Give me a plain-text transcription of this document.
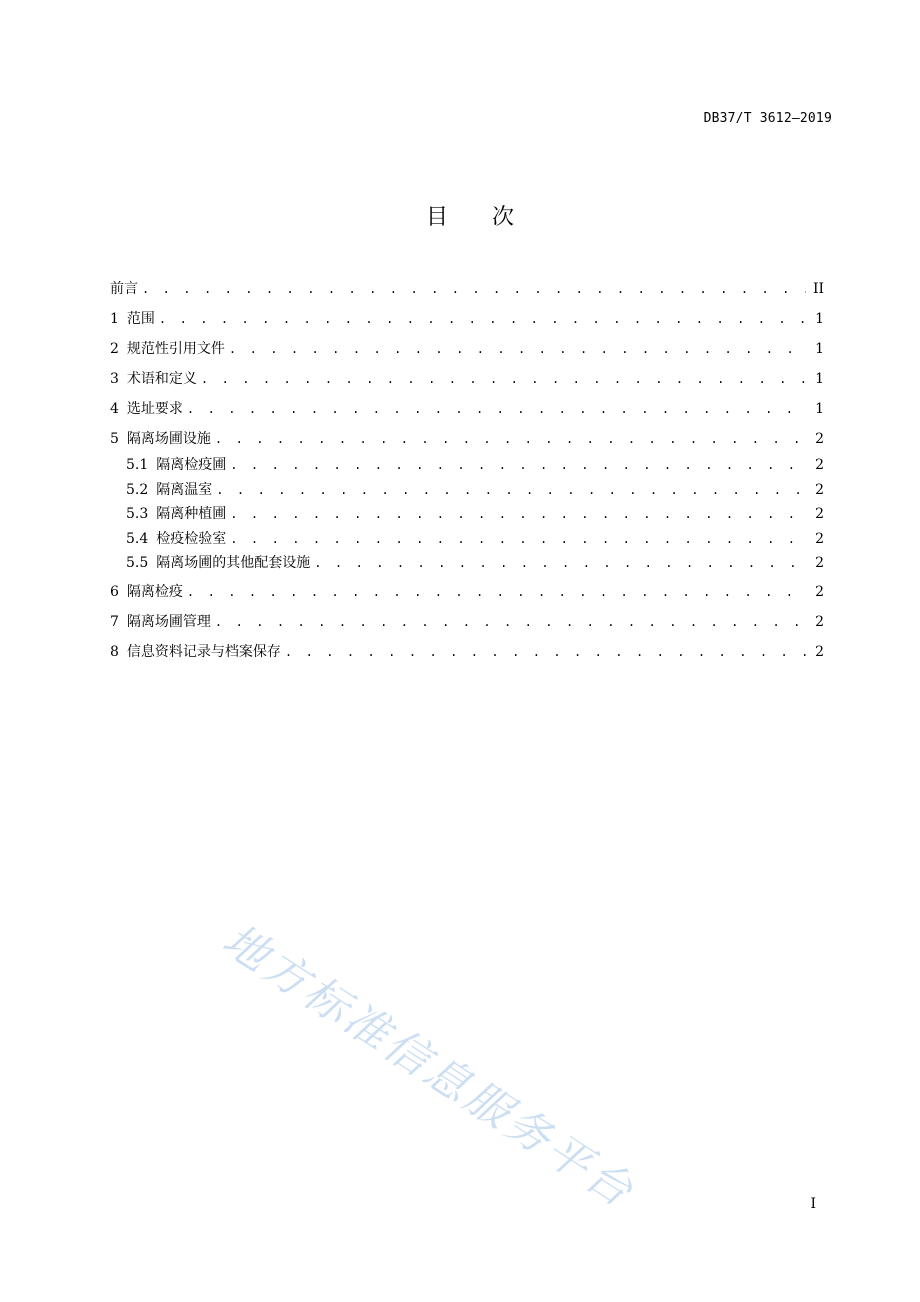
DB37/T 3612—2019
目 次
前言 . . .	II
1 范围 . . .	1
2 规范性引用文件 . . .	1
3 术语和定义 . . .	1
4 选址要求 . . .	1
5 隔离场圃设施 . . .	2
5.1 隔离检疫圃 . . .	2
5.2 隔离温室 . . .	2
5.3 隔离种植圃 . . .	2
5.4 检疫检验室 . . .	2
5.5 隔离场圃的其他配套设施 . . .	2
6 隔离检疫 . . .	2
7 隔离场圃管理 . . .	2
8 信息资料记录与档案保存 . . .	2
地方标准信息服务平台	I
